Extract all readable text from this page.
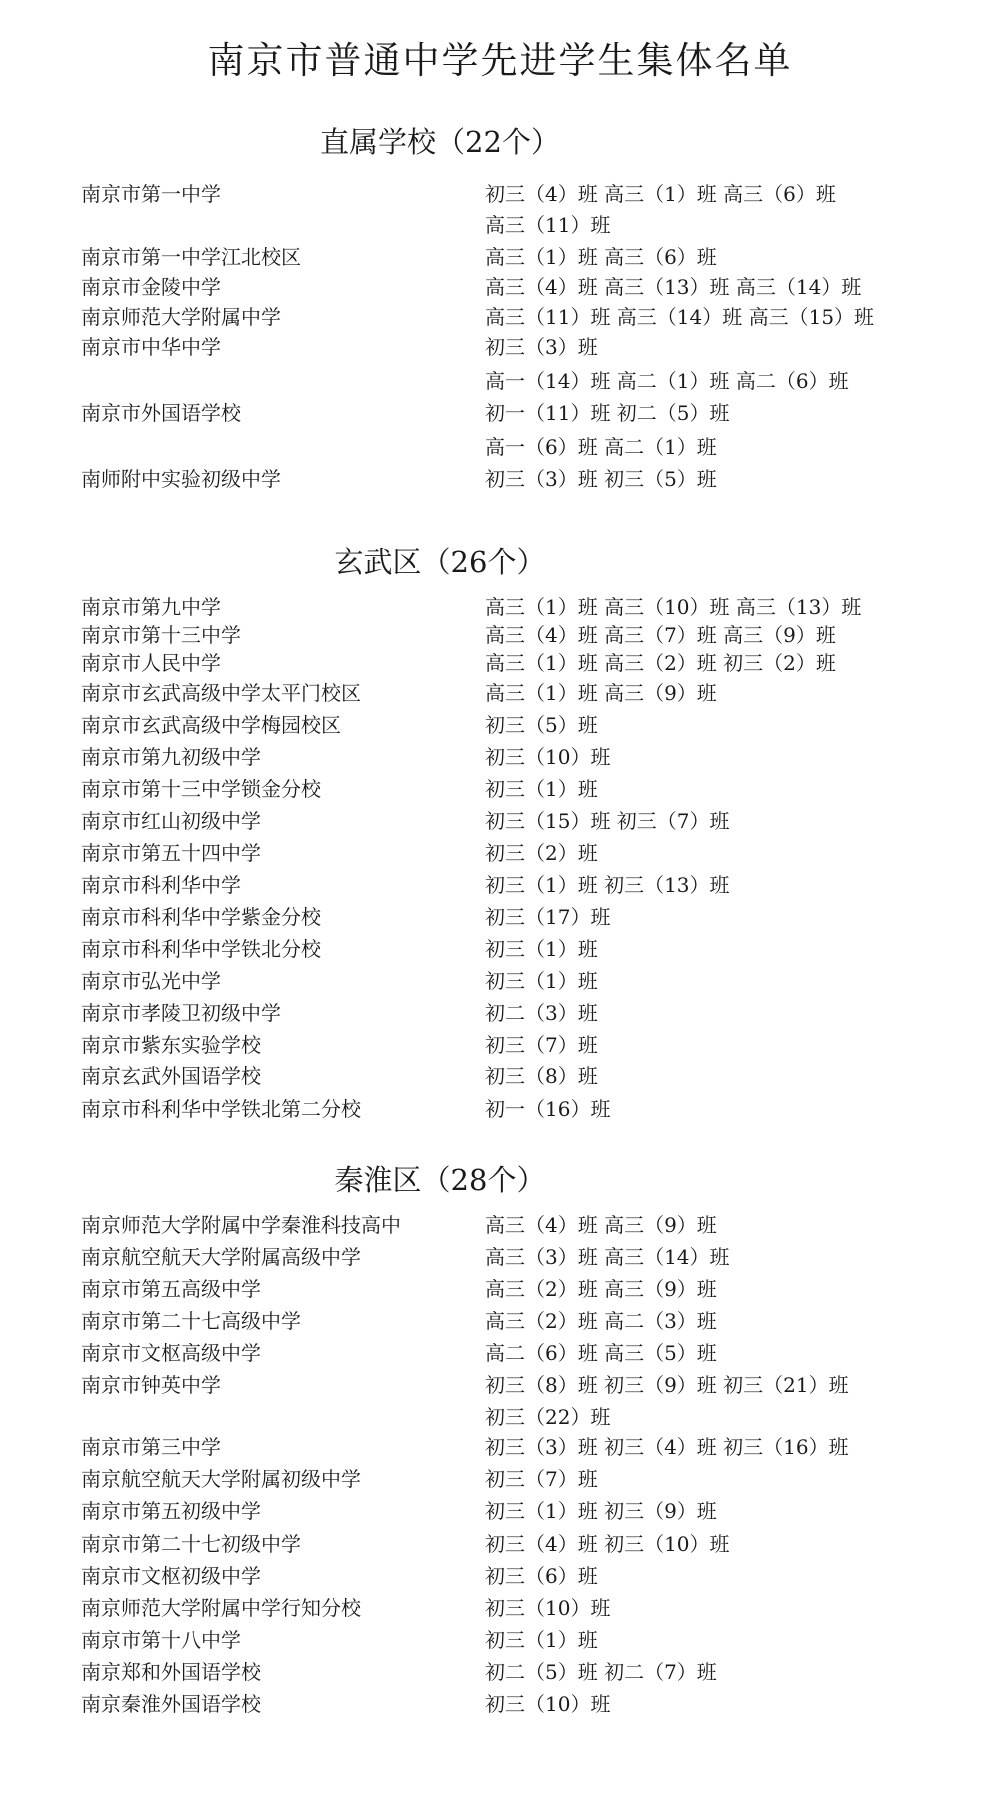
南京市普通中学先进学生集体名单
直属学校（22个）
南京市第一中学	初三（4）班 高三（1）班 高三（6）班
高三（11）班
南京市第一中学江北校区	高三（1）班 高三（6）班
南京市金陵中学	高三（4）班 高三（13）班 高三（14）班
南京师范大学附属中学	高三（11）班 高三（14）班 高三（15）班
南京市中华中学	初三（3）班
高一（14）班 高二（1）班 高二（6）班
南京市外国语学校	初一（11）班 初二（5）班
高一（6）班 高二（1）班
南师附中实验初级中学	初三（3）班 初三（5）班
玄武区（26个）
南京市第九中学	高三（1）班 高三（10）班 高三（13）班
南京市第十三中学	高三（4）班 高三（7）班 高三（9）班
南京市人民中学	高三（1）班 高三（2）班 初三（2）班
南京市玄武高级中学太平门校区	高三（1）班 高三（9）班
南京市玄武高级中学梅园校区	初三（5）班
南京市第九初级中学	初三（10）班
南京市第十三中学锁金分校	初三（1）班
南京市红山初级中学	初三（15）班 初三（7）班
南京市第五十四中学	初三（2）班
南京市科利华中学	初三（1）班 初三（13）班
南京市科利华中学紫金分校	初三（17）班
南京市科利华中学铁北分校	初三（1）班
南京市弘光中学	初三（1）班
南京市孝陵卫初级中学	初二（3）班
南京市紫东实验学校	初三（7）班
南京玄武外国语学校	初三（8）班
南京市科利华中学铁北第二分校	初一（16）班
秦淮区（28个）
南京师范大学附属中学秦淮科技高中	高三（4）班 高三（9）班
南京航空航天大学附属高级中学	高三（3）班 高三（14）班
南京市第五高级中学	高三（2）班 高三（9）班
南京市第二十七高级中学	高三（2）班 高二（3）班
南京市文枢高级中学	高二（6）班 高三（5）班
南京市钟英中学	初三（8）班 初三（9）班 初三（21）班
初三（22）班
南京市第三中学	初三（3）班 初三（4）班 初三（16）班
南京航空航天大学附属初级中学	初三（7）班
南京市第五初级中学	初三（1）班 初三（9）班
南京市第二十七初级中学	初三（4）班 初三（10）班
南京市文枢初级中学	初三（6）班
南京师范大学附属中学行知分校	初三（10）班
南京市第十八中学	初三（1）班
南京郑和外国语学校	初二（5）班 初二（7）班
南京秦淮外国语学校	初三（10）班
